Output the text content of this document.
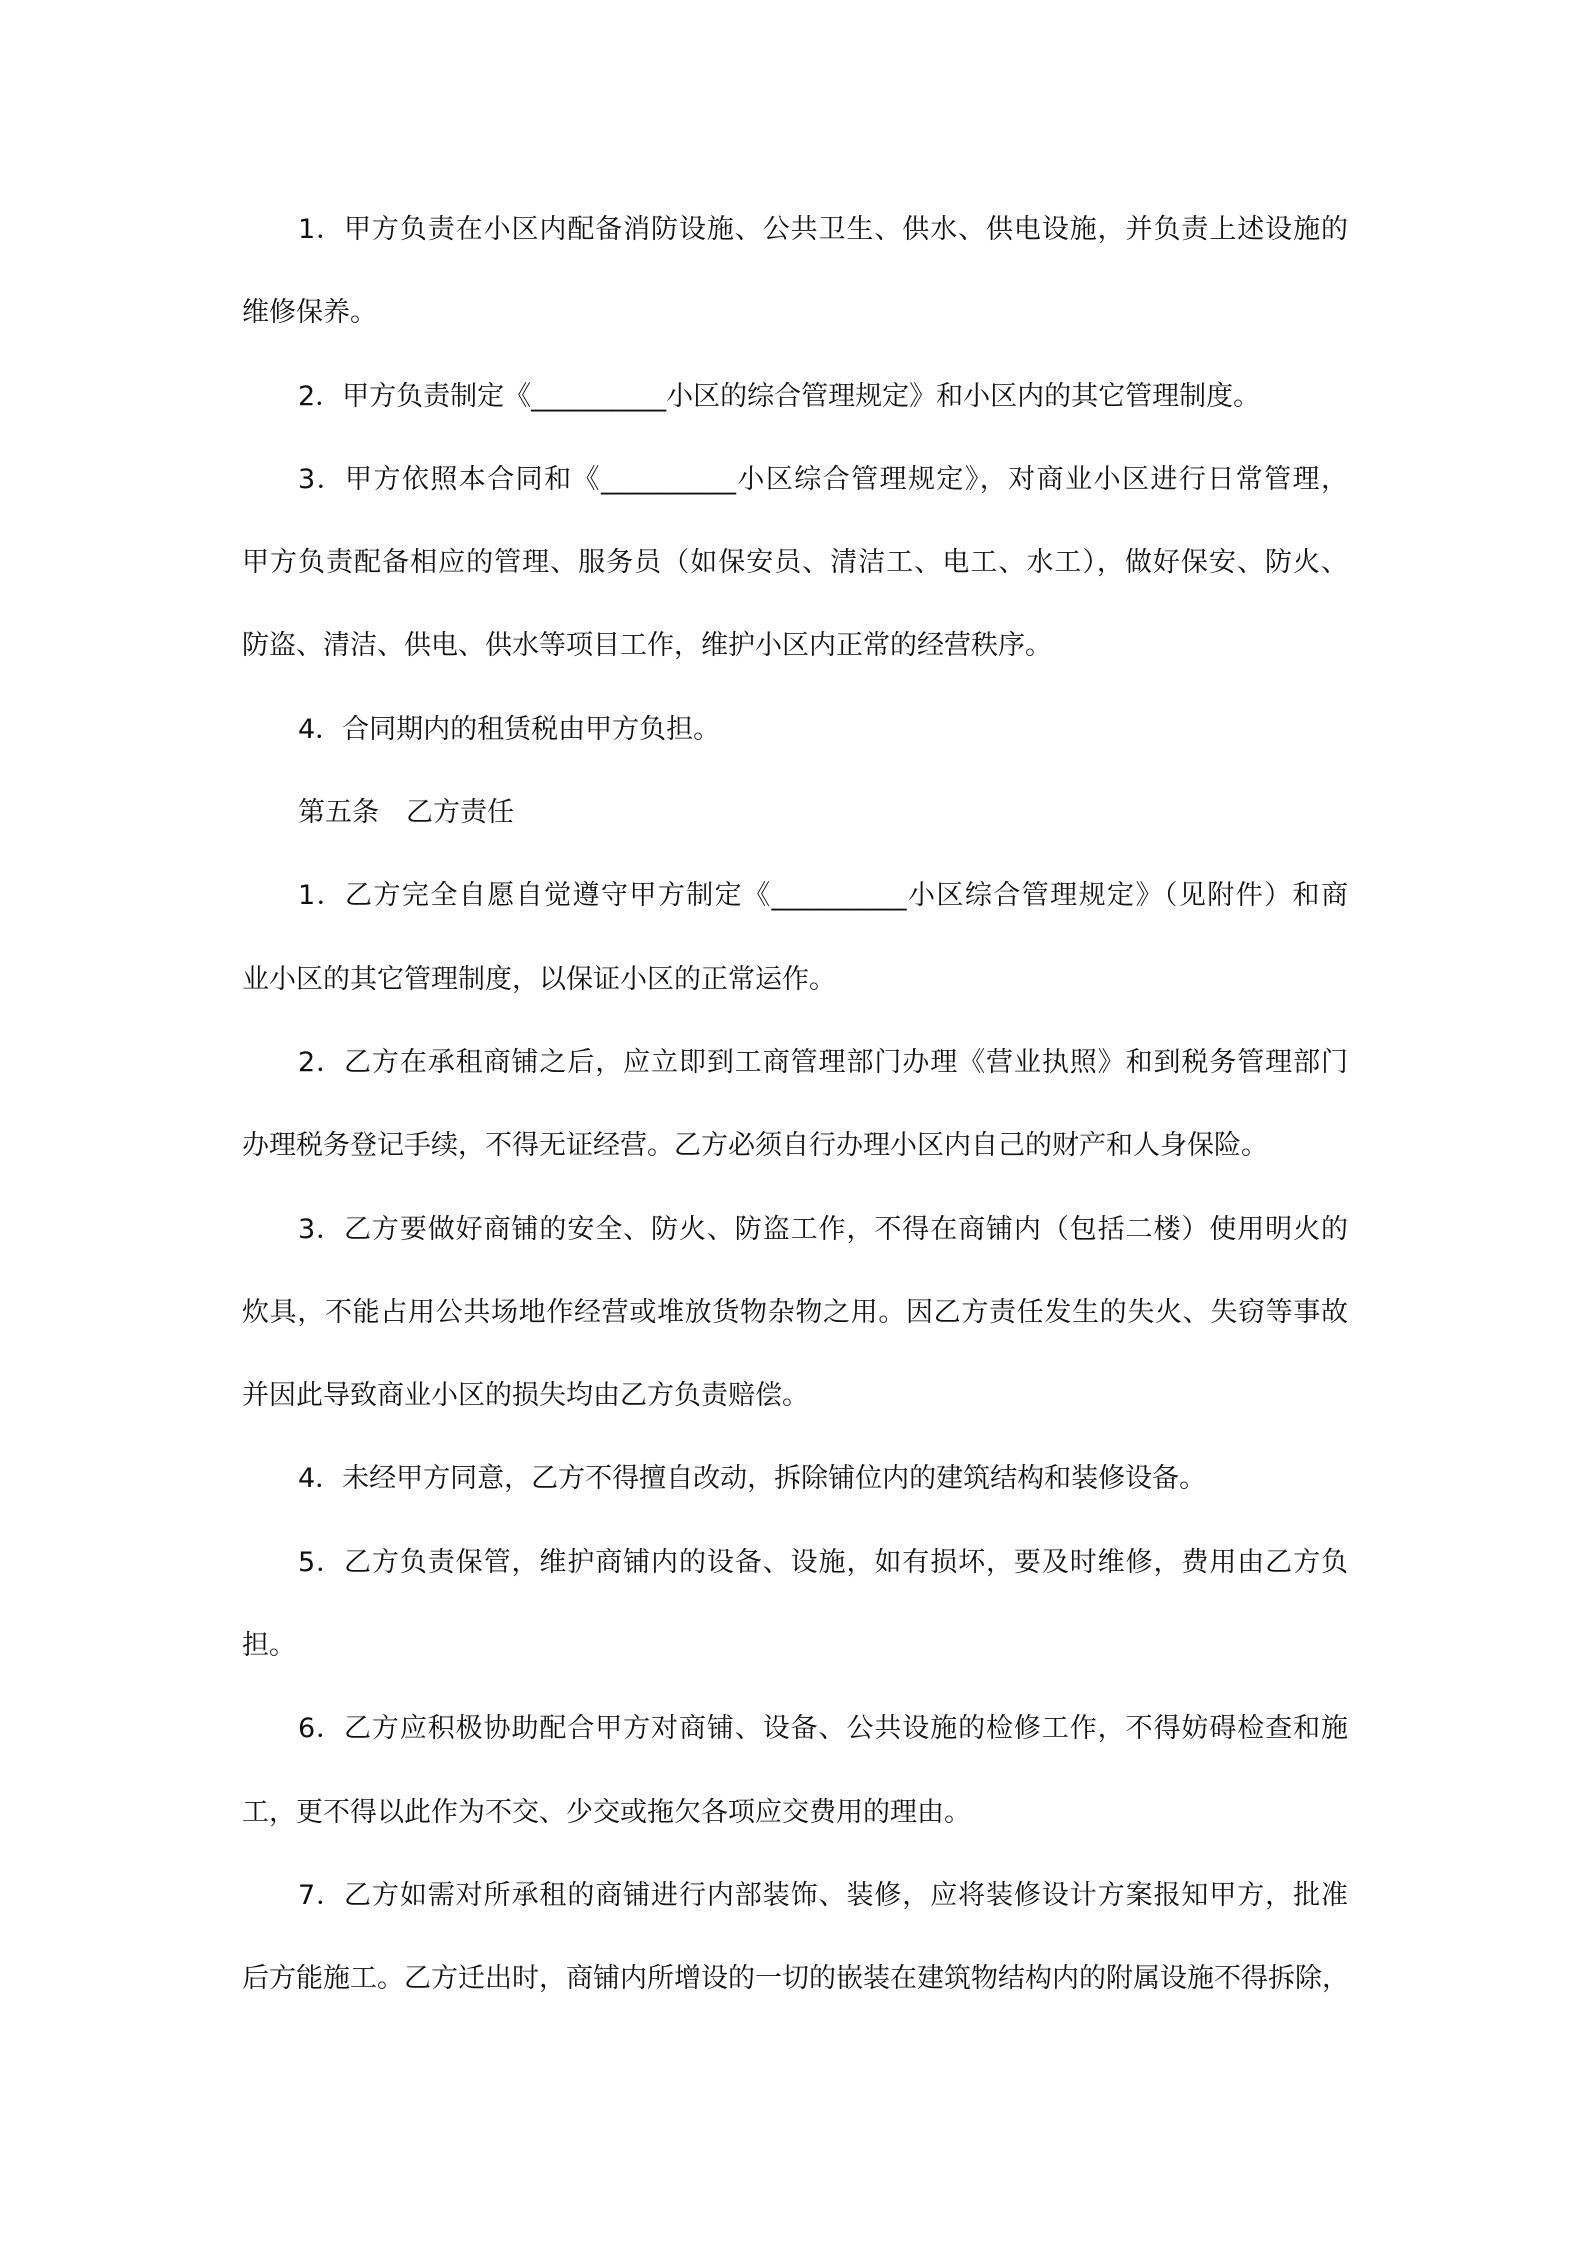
1．甲方负责在小区内配备消防设施、公共卫生、供水、供电设施，并负责上述设施的
维修保养。
2．甲方负责制定《__________小区的综合管理规定》和小区内的其它管理制度。
3．甲方依照本合同和《__________小区综合管理规定》，对商业小区进行日常管理，
甲方负责配备相应的管理、服务员（如保安员、清洁工、电工、水工），做好保安、防火、
防盗、清洁、供电、供水等项目工作，维护小区内正常的经营秩序。
4．合同期内的租赁税由甲方负担。
第五条　乙方责任
1．乙方完全自愿自觉遵守甲方制定《__________小区综合管理规定》（见附件）和商
业小区的其它管理制度，以保证小区的正常运作。
2．乙方在承租商铺之后，应立即到工商管理部门办理《营业执照》和到税务管理部门
办理税务登记手续，不得无证经营。乙方必须自行办理小区内自己的财产和人身保险。
3．乙方要做好商铺的安全、防火、防盗工作，不得在商铺内（包括二楼）使用明火的
炊具，不能占用公共场地作经营或堆放货物杂物之用。因乙方责任发生的失火、失窃等事故
并因此导致商业小区的损失均由乙方负责赔偿。
4．未经甲方同意，乙方不得擅自改动，拆除铺位内的建筑结构和装修设备。
5．乙方负责保管，维护商铺内的设备、设施，如有损坏，要及时维修，费用由乙方负
担。
6．乙方应积极协助配合甲方对商铺、设备、公共设施的检修工作，不得妨碍检查和施
工，更不得以此作为不交、少交或拖欠各项应交费用的理由。
7．乙方如需对所承租的商铺进行内部装饰、装修，应将装修设计方案报知甲方，批准
后方能施工。乙方迁出时，商铺内所增设的一切的嵌装在建筑物结构内的附属设施不得拆除，
